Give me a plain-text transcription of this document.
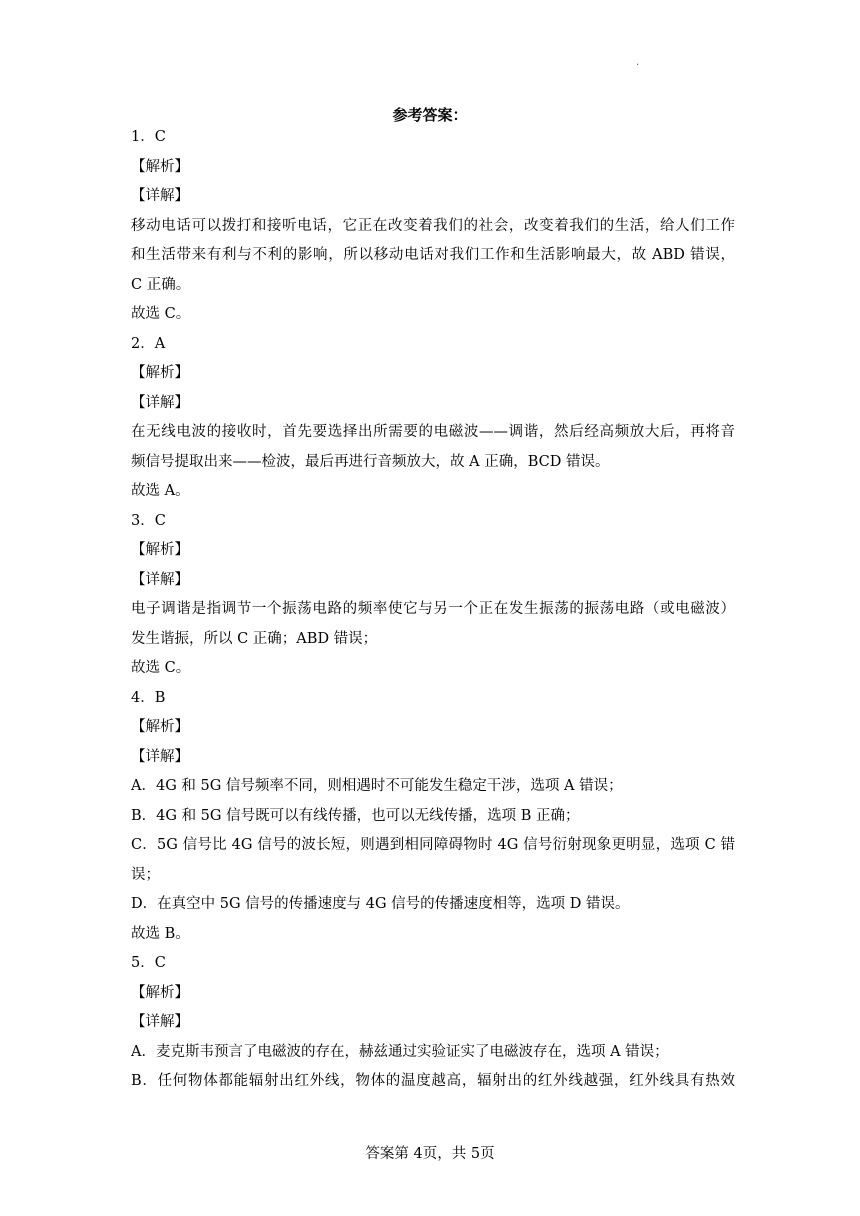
.
参考答案：
1．C
【解析】
【详解】
移动电话可以拨打和接听电话，它正在改变着我们的社会，改变着我们的生活，给人们工作
和生活带来有利与不利的影响，所以移动电话对我们工作和生活影响最大，故 ABD 错误，
C 正确。
故选 C。
2．A
【解析】
【详解】
在无线电波的接收时，首先要选择出所需要的电磁波——调谐，然后经高频放大后，再将音
频信号提取出来——检波，最后再进行音频放大，故 A 正确，BCD 错误。
故选 A。
3．C
【解析】
【详解】
电子调谐是指调节一个振荡电路的频率使它与另一个正在发生振荡的振荡电路（或电磁波）
发生谐振，所以 C 正确；ABD 错误；
故选 C。
4．B
【解析】
【详解】
A．4G 和 5G 信号频率不同，则相遇时不可能发生稳定干涉，选项 A 错误；
B．4G 和 5G 信号既可以有线传播，也可以无线传播，选项 B 正确；
C．5G 信号比 4G 信号的波长短，则遇到相同障碍物时 4G 信号衍射现象更明显，选项 C 错
误；
D．在真空中 5G 信号的传播速度与 4G 信号的传播速度相等，选项 D 错误。
故选 B。
5．C
【解析】
【详解】
A．麦克斯韦预言了电磁波的存在，赫兹通过实验证实了电磁波存在，选项 A 错误；
B．任何物体都能辐射出红外线，物体的温度越高，辐射出的红外线越强，红外线具有热效
答案第 4页，共 5页
